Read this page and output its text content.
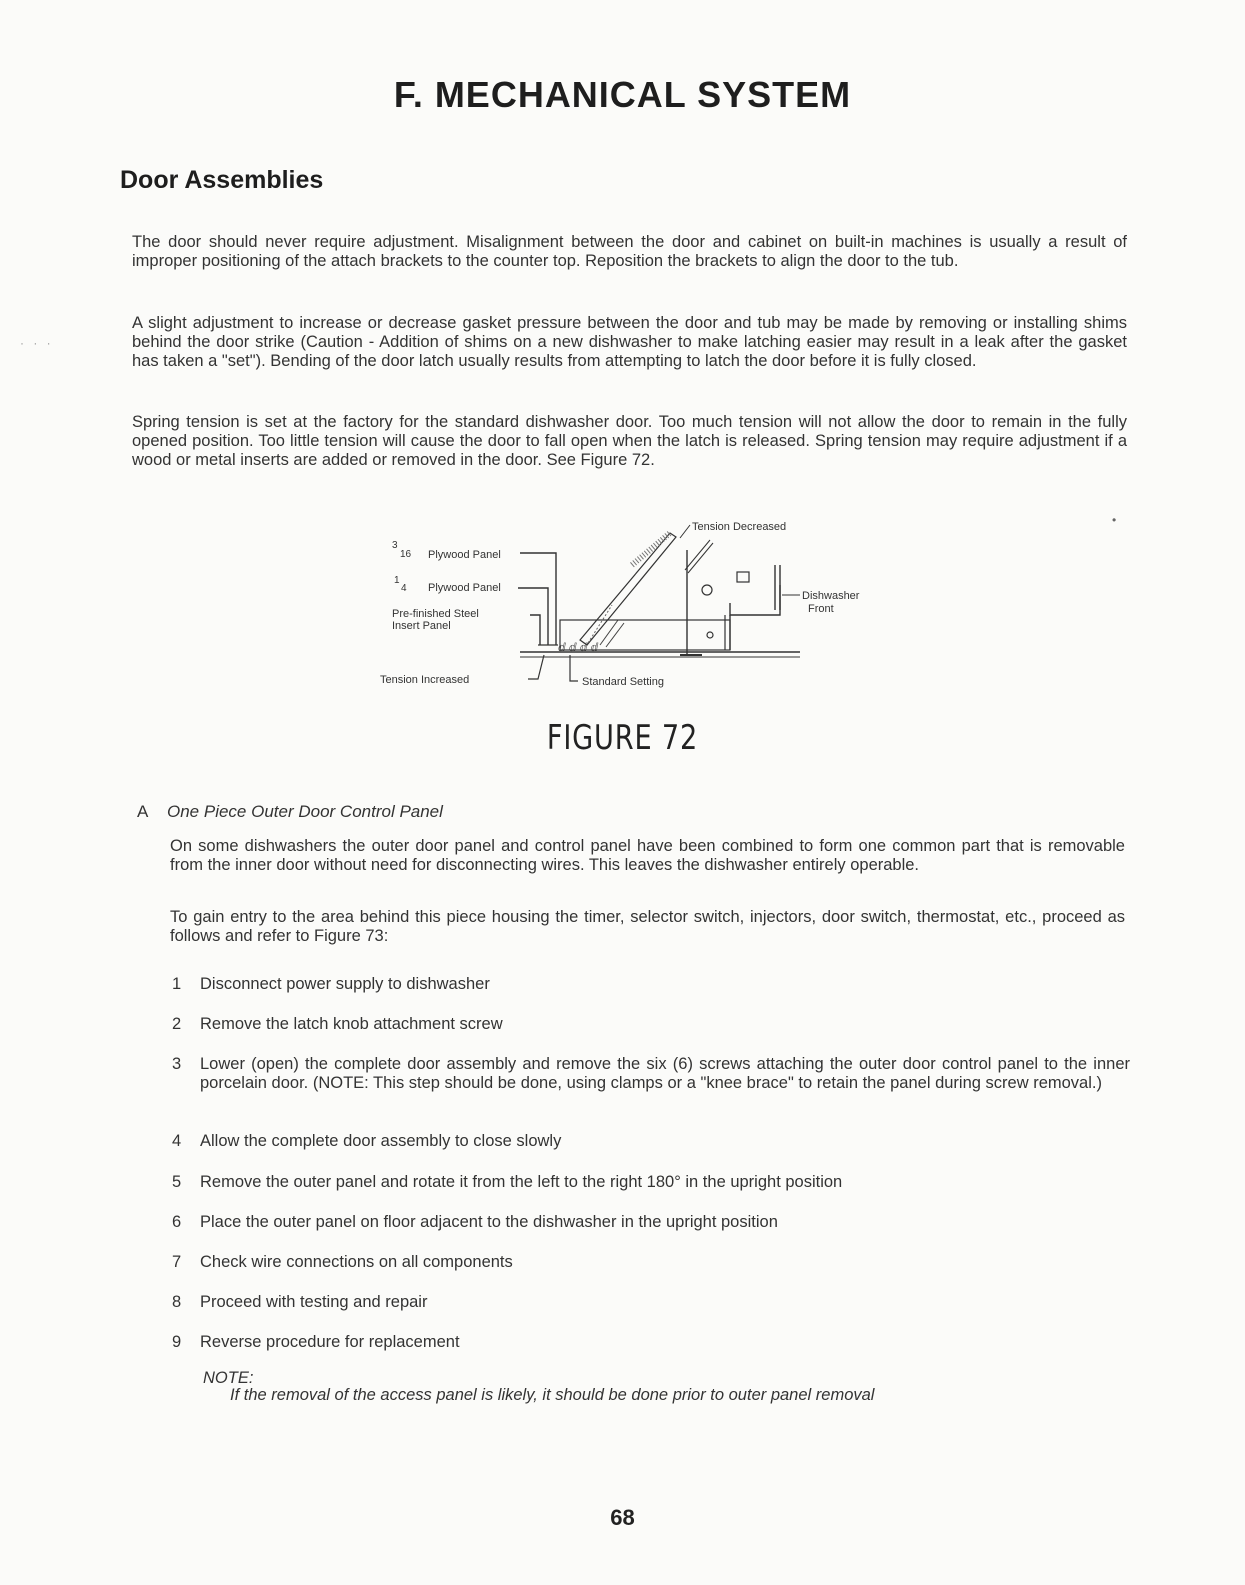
· · ·
•
F. MECHANICAL SYSTEM
Door Assemblies

The door should never require adjustment. Misalignment between the door and cabinet on built-in machines is usually a result of improper positioning of the attach brackets to the counter top. Reposition the brackets to align the door to the tub.

A slight adjustment to increase or decrease gasket pressure between the door and tub may be made by removing or installing shims behind the door strike (Caution - Addition of shims on a new dishwasher to make latching easier may result in a leak after the gasket has taken a "set"). Bending of the door latch usually results from attempting to latch the door before it is fully closed.

Spring tension is set at the factory for the standard dishwasher door. Too much tension will not allow the door to remain in the fully opened position. Too little tension will cause the door to fall open when the latch is released. Spring tension may require adjustment if a wood or metal inserts are added or removed in the door. See Figure 72.

3
16 Plywood Panel
1
4 Plywood Panel
Pre-finished Steel
Insert Panel
Tension Decreased
Dishwasher
Front
ⅆ ⅆ ⅆ ⅆ
Tension Increased	Standard Setting
FIGURE 72
A One Piece Outer Door Control Panel

On some dishwashers the outer door panel and control panel have been combined to form one common part that is removable from the inner door without need for disconnecting wires. This leaves the dishwasher entirely operable.

To gain entry to the area behind this piece housing the timer, selector switch, injectors, door switch, thermostat, etc., proceed as follows and refer to Figure 73:

1	Disconnect power supply to dishwasher
2	Remove the latch knob attachment screw
3	Lower (open) the complete door assembly and remove the six (6) screws attaching the outer door control panel to the inner porcelain door. (NOTE: This step should be done, using clamps or a "knee brace" to retain the panel during screw removal.)
4	Allow the complete door assembly to close slowly
5	Remove the outer panel and rotate it from the left to the right 180° in the upright position
6	Place the outer panel on floor adjacent to the dishwasher in the upright position
7	Check wire connections on all components
8	Proceed with testing and repair
9	Reverse procedure for replacement
NOTE:
If the removal of the access panel is likely, it should be done prior to outer panel removal
68
